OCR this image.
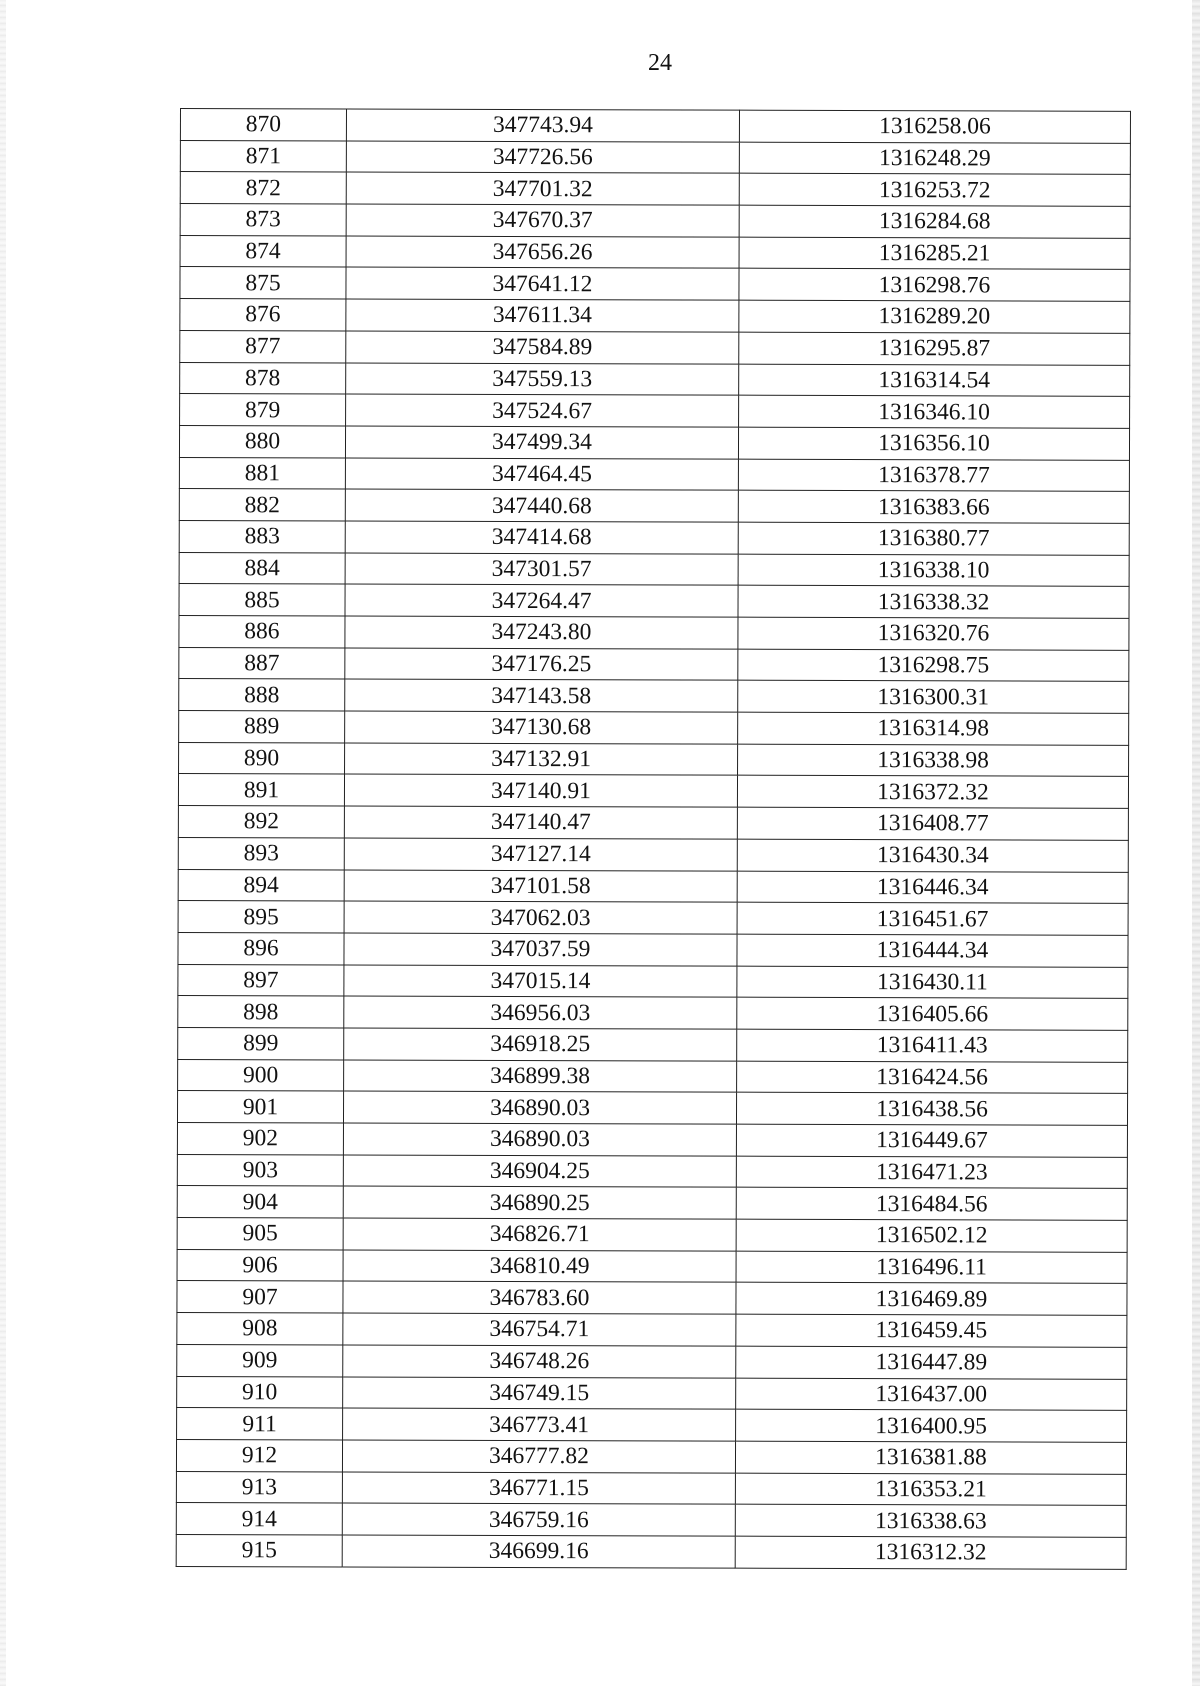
24
870	347743.94	1316258.06
871	347726.56	1316248.29
872	347701.32	1316253.72
873	347670.37	1316284.68
874	347656.26	1316285.21
875	347641.12	1316298.76
876	347611.34	1316289.20
877	347584.89	1316295.87
878	347559.13	1316314.54
879	347524.67	1316346.10
880	347499.34	1316356.10
881	347464.45	1316378.77
882	347440.68	1316383.66
883	347414.68	1316380.77
884	347301.57	1316338.10
885	347264.47	1316338.32
886	347243.80	1316320.76
887	347176.25	1316298.75
888	347143.58	1316300.31
889	347130.68	1316314.98
890	347132.91	1316338.98
891	347140.91	1316372.32
892	347140.47	1316408.77
893	347127.14	1316430.34
894	347101.58	1316446.34
895	347062.03	1316451.67
896	347037.59	1316444.34
897	347015.14	1316430.11
898	346956.03	1316405.66
899	346918.25	1316411.43
900	346899.38	1316424.56
901	346890.03	1316438.56
902	346890.03	1316449.67
903	346904.25	1316471.23
904	346890.25	1316484.56
905	346826.71	1316502.12
906	346810.49	1316496.11
907	346783.60	1316469.89
908	346754.71	1316459.45
909	346748.26	1316447.89
910	346749.15	1316437.00
911	346773.41	1316400.95
912	346777.82	1316381.88
913	346771.15	1316353.21
914	346759.16	1316338.63
915	346699.16	1316312.32
